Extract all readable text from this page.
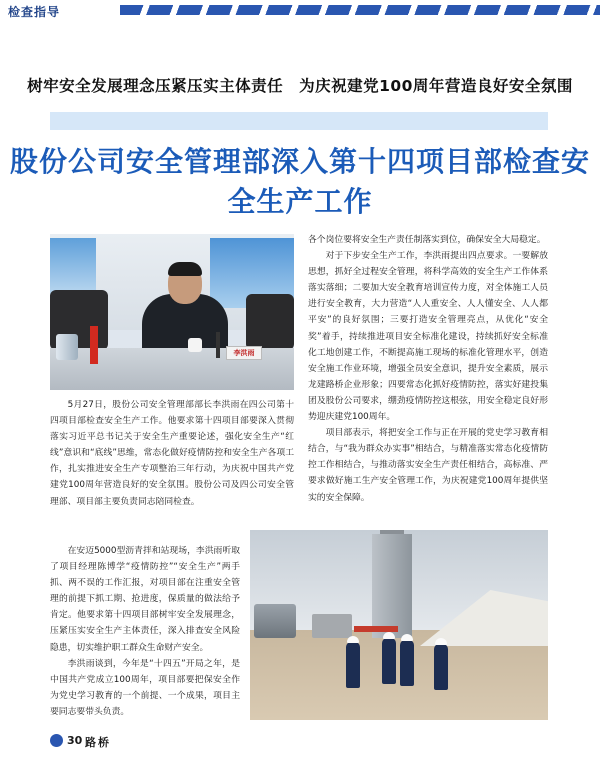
检查指导
树牢安全发展理念压紧压实主体责任　为庆祝建党100周年营造良好安全氛围
股份公司安全管理部深入第十四项目部检查安全生产工作
李洪雨

各个岗位要将安全生产责任制落实到位，确保安全大局稳定。

对于下步安全生产工作，李洪雨提出四点要求。一要解放思想，抓好全过程安全管理，将科学高效的安全生产工作体系落实落细；二要加大安全教育培训宣传力度，对全体施工人员进行安全教育，大力营造“人人重安全、人人懂安全、人人都平安”的良好氛围；三要打造安全管理亮点，从优化“安全奖”着手，持续推进项目安全标准化建设，持续抓好安全标准化工地创建工作，不断提高施工现场的标准化管理水平，创造安全施工作业环境，增强全员安全意识，提升安全素质，展示龙建路桥企业形象；四要常态化抓好疫情防控，落实好建投集团及股份公司要求，绷劲疫情防控这根弦，用安全稳定良好形势迎庆建党100周年。

项目部表示，将把安全工作与正在开展的党史学习教育相结合，与“我为群众办实事”相结合，与精准落实常态化疫情防控工作相结合，与推动落实安全生产责任相结合，高标准、严要求做好施工生产安全管理工作，为庆祝建党100周年提供坚实的安全保障。

5月27日，股份公司安全管理部部长李洪雨在四公司第十四项目部检查安全生产工作。他要求第十四项目部要深入贯彻落实习近平总书记关于安全生产重要论述，强化安全生产“红线”意识和“底线”思维，常态化做好疫情防控和安全生产各项工作，扎实推进安全生产专项整治三年行动，为庆祝中国共产党建党100周年营造良好的安全氛围。股份公司及四公司安全管理部、项目部主要负责同志陪同检查。

在安迈5000型沥青拌和站现场，李洪雨听取了项目经理陈博学“疫情防控”“安全生产”两手抓、两不误的工作汇报，对项目部在注重安全管理的前提下抓工期、抢进度，保质量的做法给予肯定。他要求第十四项目部树牢安全发展理念，压紧压实安全生产主体责任，深入排查安全风险隐患，切实维护职工群众生命财产安全。

李洪雨谈到，今年是“十四五”开局之年，是中国共产党成立100周年，项目部要把保安全作为党史学习教育的一个前提、一个成果，项目主要同志要带头负责。

30 路桥
